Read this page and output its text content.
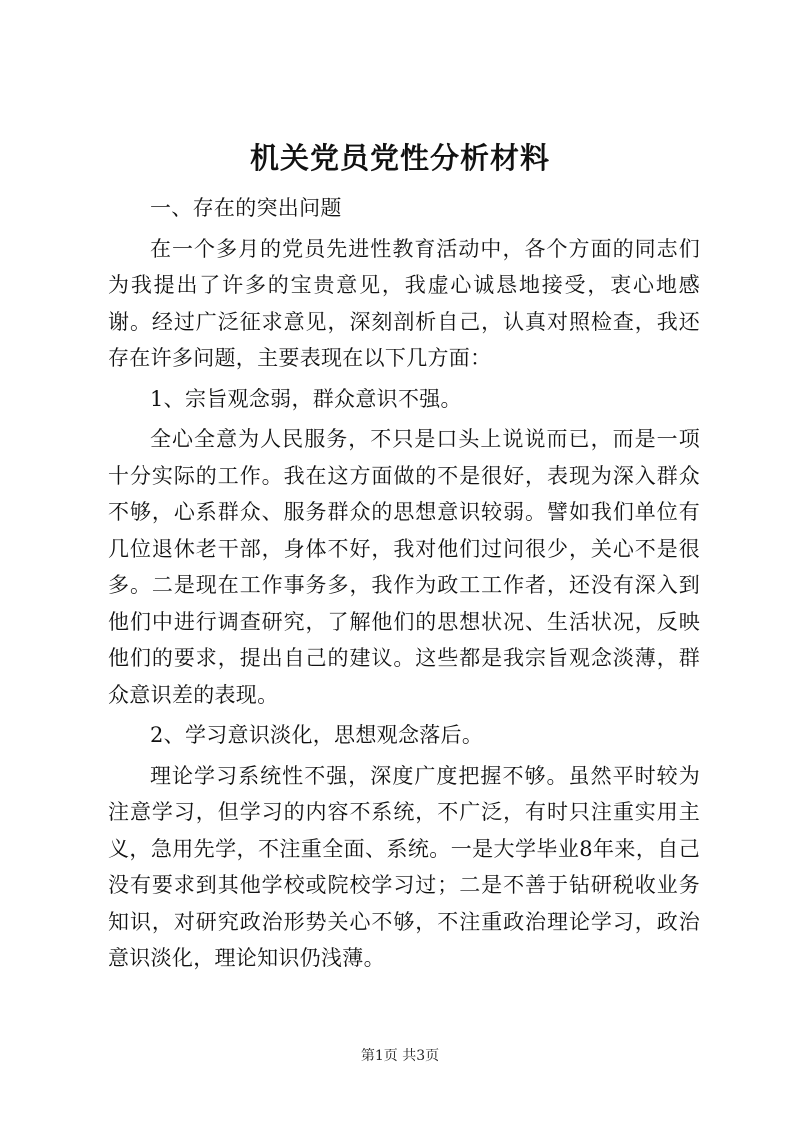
机关党员党性分析材料

一、存在的突出问题

在一个多月的党员先进性教育活动中，各个方面的同志们为我提出了许多的宝贵意见，我虚心诚恳地接受，衷心地感谢。经过广泛征求意见，深刻剖析自己，认真对照检查，我还存在许多问题，主要表现在以下几方面：

1、宗旨观念弱，群众意识不强。

全心全意为人民服务，不只是口头上说说而已，而是一项十分实际的工作。我在这方面做的不是很好，表现为深入群众不够，心系群众、服务群众的思想意识较弱。譬如我们单位有几位退休老干部，身体不好，我对他们过问很少，关心不是很多。二是现在工作事务多，我作为政工工作者，还没有深入到他们中进行调查研究，了解他们的思想状况、生活状况，反映他们的要求，提出自己的建议。这些都是我宗旨观念淡薄，群众意识差的表现。

2、学习意识淡化，思想观念落后。

理论学习系统性不强，深度广度把握不够。虽然平时较为注意学习，但学习的内容不系统，不广泛，有时只注重实用主义，急用先学，不注重全面、系统。一是大学毕业8年来，自己没有要求到其他学校或院校学习过；二是不善于钻研税收业务知识，对研究政治形势关心不够，不注重政治理论学习，政治意识淡化，理论知识仍浅薄。

第1页 共3页
